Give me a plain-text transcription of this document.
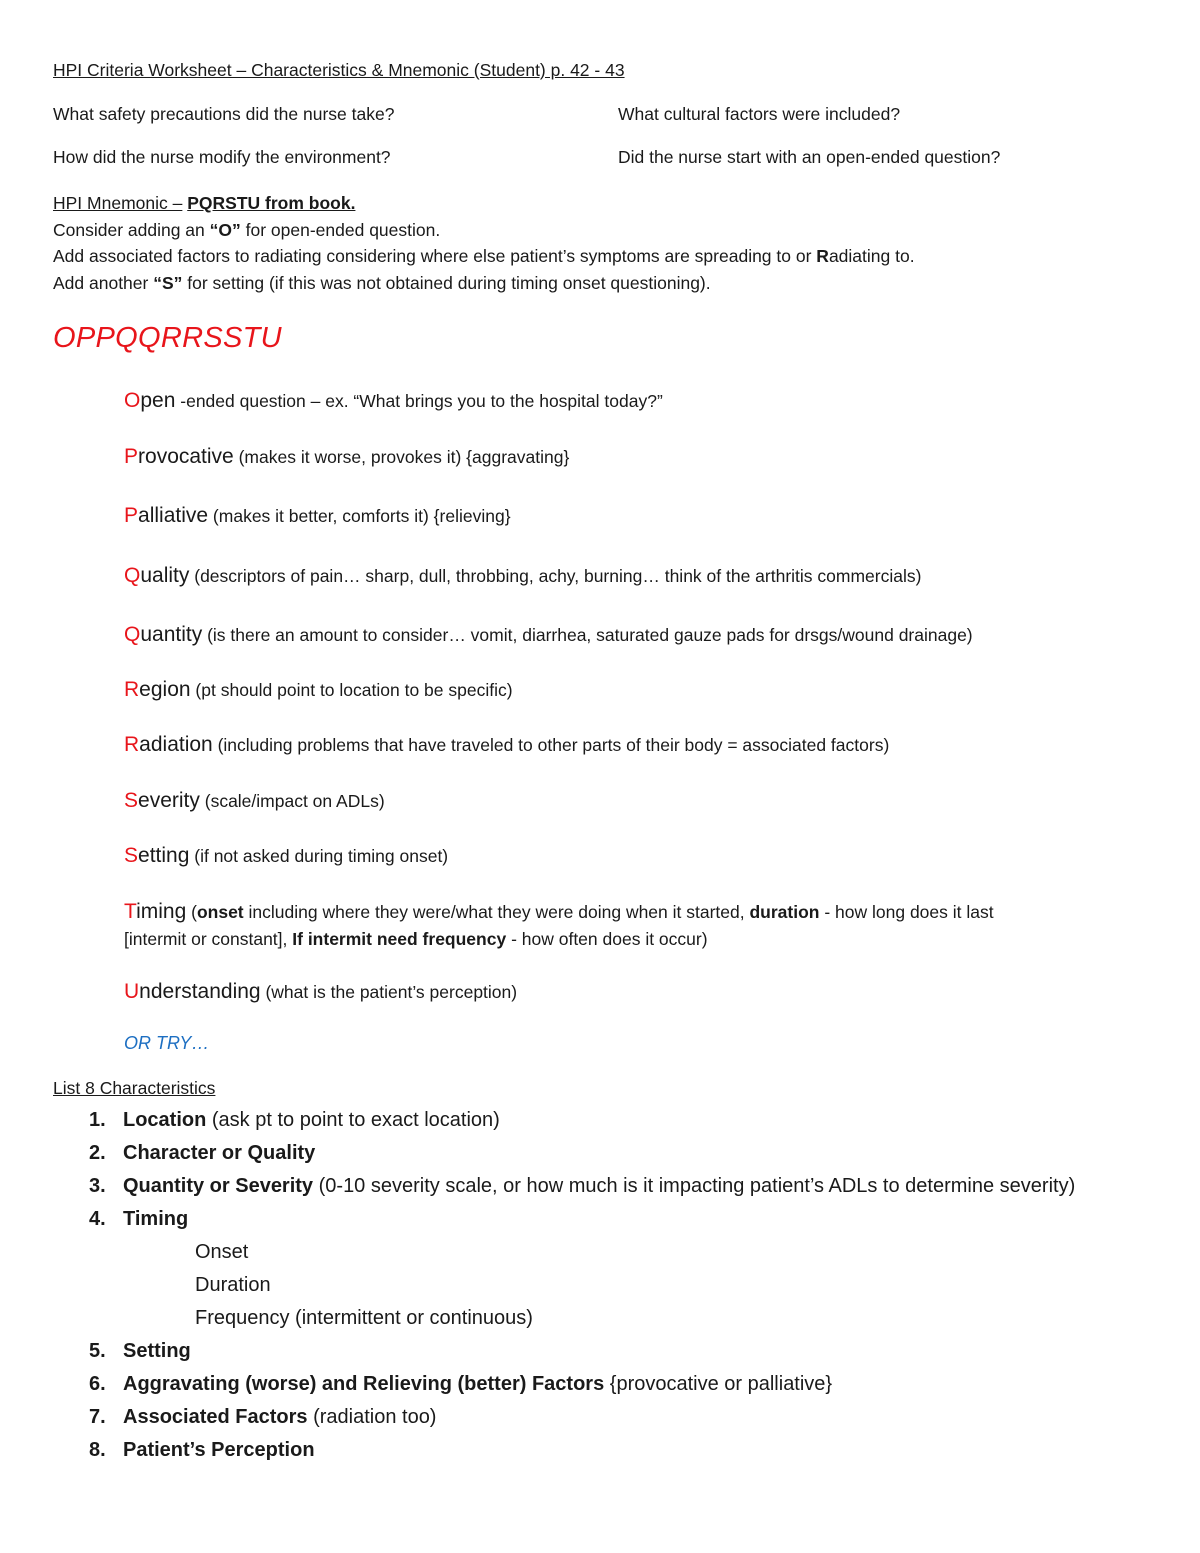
HPI Criteria Worksheet – Characteristics & Mnemonic (Student) p. 42 - 43
What safety precautions did the nurse take?	What cultural factors were included?
How did the nurse modify the environment?	Did the nurse start with an open-ended question?
HPI Mnemonic – PQRSTU from book.
Consider adding an “O” for open-ended question.
Add associated factors to radiating considering where else patient’s symptoms are spreading to or Radiating to.
Add another “S” for setting (if this was not obtained during timing onset questioning).
OPPQQRRSSTU
Open -ended question – ex. “What brings you to the hospital today?”
Provocative (makes it worse, provokes it) {aggravating}
Palliative (makes it better, comforts it) {relieving}
Quality (descriptors of pain… sharp, dull, throbbing, achy, burning… think of the arthritis commercials)
Quantity (is there an amount to consider… vomit, diarrhea, saturated gauze pads for drsgs/wound drainage)
Region (pt should point to location to be specific)
Radiation (including problems that have traveled to other parts of their body = associated factors)
Severity (scale/impact on ADLs)
Setting (if not asked during timing onset)
Timing (onset including where they were/what they were doing when it started, duration - how long does it last
[intermit or constant], If intermit need frequency - how often does it occur)
Understanding (what is the patient’s perception)
OR TRY…
List 8 Characteristics
1. Location (ask pt to point to exact location)
2. Character or Quality
3. Quantity or Severity (0-10 severity scale, or how much is it impacting patient’s ADLs to determine severity)
4. Timing
Onset
Duration
Frequency (intermittent or continuous)
5. Setting
6. Aggravating (worse) and Relieving (better) Factors {provocative or palliative}
7. Associated Factors (radiation too)
8. Patient’s Perception
